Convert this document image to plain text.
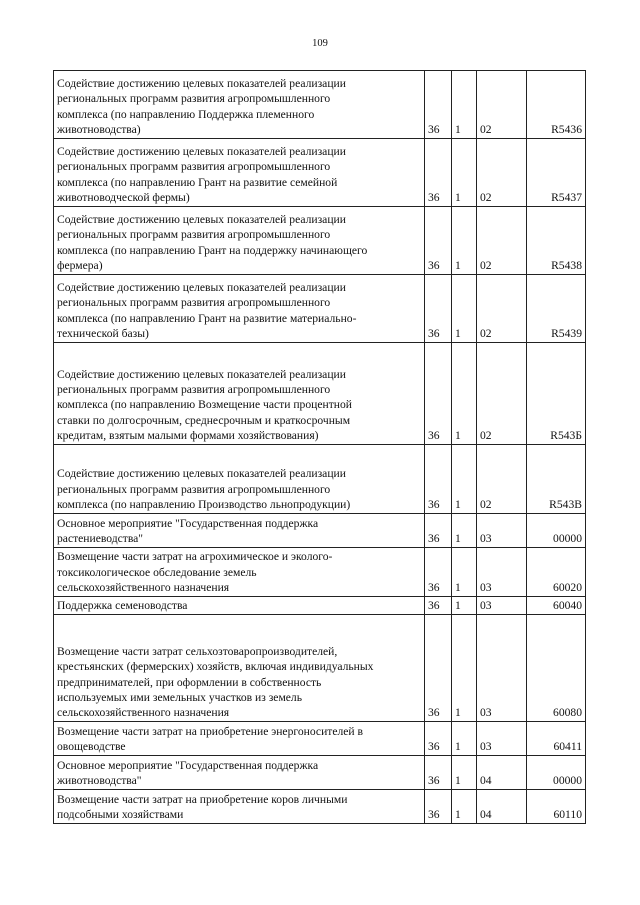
109
Содействие достижению целевых показателей реализации
региональных программ развития агропромышленного
комплекса (по направлению Поддержка племенного
животноводства)	36	1	02	R5436

Содействие достижению целевых показателей реализации
региональных программ развития агропромышленного
комплекса (по направлению Грант на развитие семейной
животноводческой фермы)	36	1	02	R5437

Содействие достижению целевых показателей реализации
региональных программ развития агропромышленного
комплекса (по направлению Грант на поддержку начинающего
фермера)	36	1	02	R5438

Содействие достижению целевых показателей реализации
региональных программ развития агропромышленного
комплекса (по направлению Грант на развитие материально-
технической базы)	36	1	02	R5439

Содействие достижению целевых показателей реализации
региональных программ развития агропромышленного
комплекса (по направлению Возмещение части процентной
ставки по долгосрочным, среднесрочным и краткосрочным
кредитам, взятым малыми формами хозяйствования)	36	1	02	R543Б

Содействие достижению целевых показателей реализации
региональных программ развития агропромышленного
комплекса (по направлению Производство льнопродукции)	36	1	02	R543B

Основное мероприятие "Государственная поддержка
растениеводства"	36	1	03	00000

Возмещение части затрат на агрохимическое и эколого-
токсикологическое обследование земель
сельскохозяйственного назначения	36	1	03	60020

Поддержка семеноводства	36	1	03	60040

Возмещение части затрат сельхозтоваропроизводителей,
крестьянских (фермерских) хозяйств, включая индивидуальных
предпринимателей, при оформлении в собственность
используемых ими земельных участков из земель
сельскохозяйственного назначения	36	1	03	60080

Возмещение части затрат на приобретение энергоносителей в
овощеводстве	36	1	03	60411

Основное мероприятие "Государственная поддержка
животноводства"	36	1	04	00000

Возмещение части затрат на приобретение коров личными
подсобными хозяйствами	36	1	04	60110
